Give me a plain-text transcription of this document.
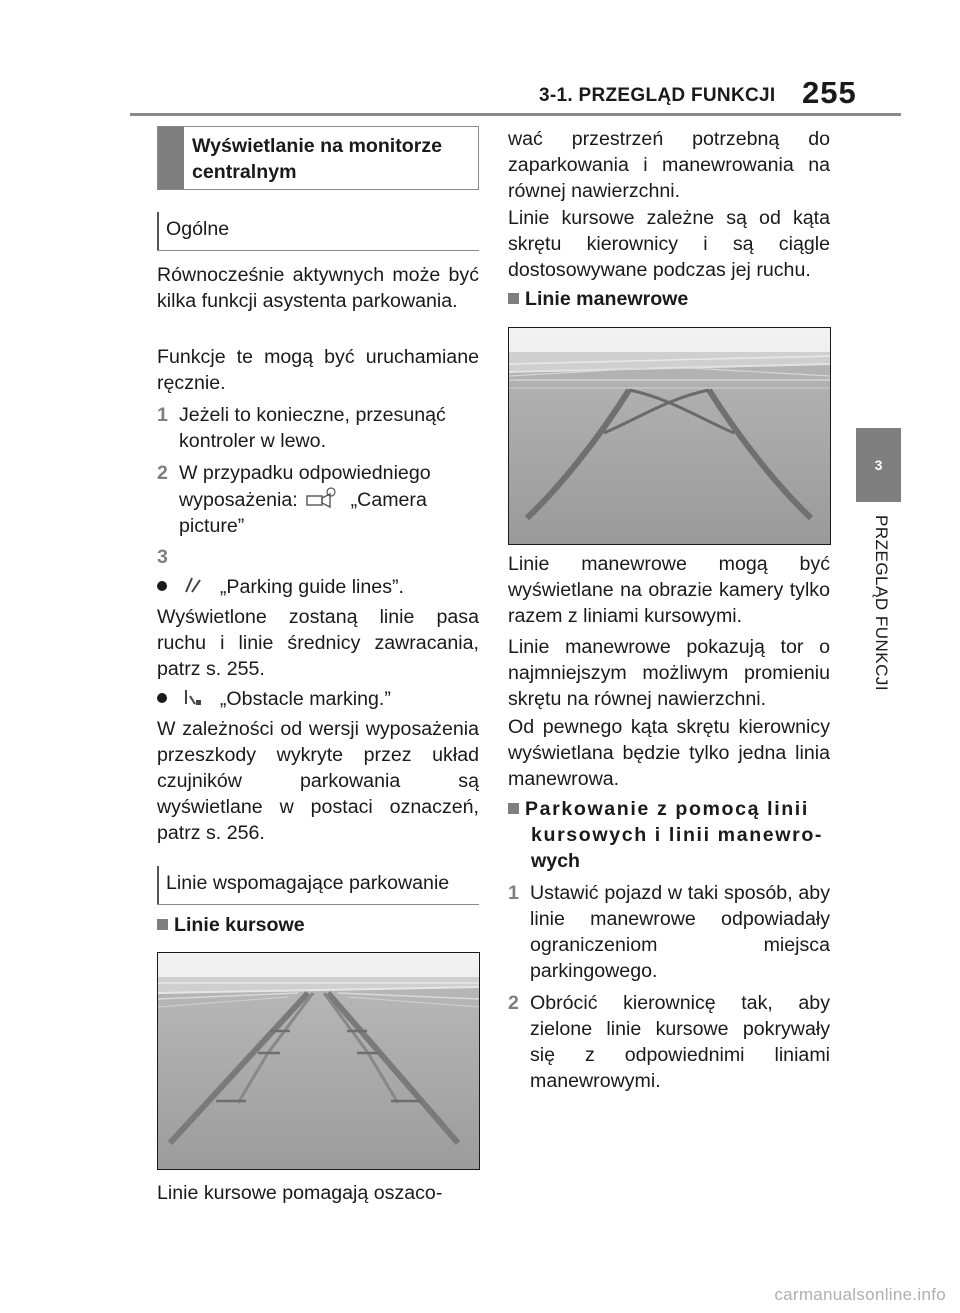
3-1. PRZEGLĄD FUNKCJI 255
3
PRZEGLĄD FUNKCJI
Wyświetlanie na monitorze
centralnym
Ogólne

Równocześnie aktywnych może być kilka funkcji asystenta parkowania.

Funkcje te mogą być uruchamiane ręcznie.

1 Jeżeli to konieczne, przesunąć
kontroler w lewo.
2 W przypadku odpowiedniego
wyposażenia:	„Camera
picture”
3
„Parking guide lines”.

Wyświetlone zostaną linie pasa ruchu i linie średnicy zawracania, patrz s. 255.

„Obstacle marking.”

W zależności od wersji wyposażenia przeszkody wykryte przez układ czujników parkowania są wyświetlane w postaci oznaczeń, patrz s. 256.

Linie wspomagające parkowanie
Linie kursowe

Linie kursowe pomagają oszaco-

wać przestrzeń potrzebną do zaparkowania i manewrowania na równej nawierzchni.

Linie kursowe zależne są od kąta skrętu kierownicy i są ciągle dostosowywane podczas jej ruchu.

Linie manewrowe

Linie manewrowe mogą być wyświetlane na obrazie kamery tylko razem z liniami kursowymi.

Linie manewrowe pokazują tor o najmniejszym możliwym promieniu skrętu na równej nawierzchni.

Od pewnego kąta skrętu kierownicy wyświetlana będzie tylko jedna linia manewrowa.

Parkowanie z pomocą linii
kursowych i linii manewro-
wych
1 Ustawić pojazd w taki sposób, aby linie manewrowe odpowiadały ograniczeniom miejsca parkingowego.

2 Obrócić kierownicę tak, aby zielone linie kursowe pokrywały się z odpowiednimi liniami manewrowymi.

carmanualsonline.info
